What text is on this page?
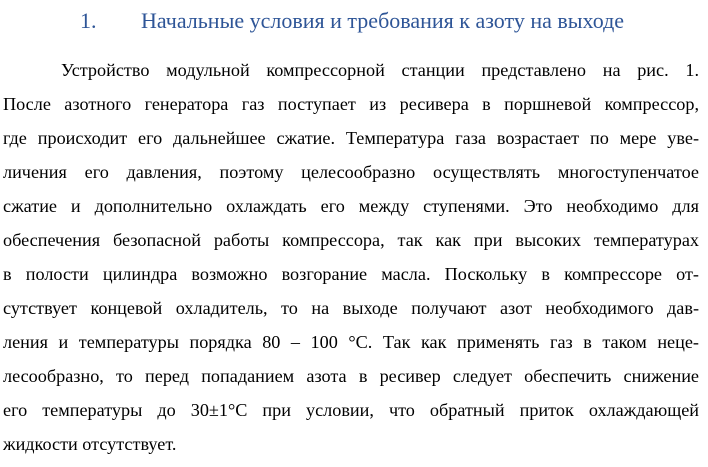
1. Начальные условия и требования к азоту на выходе
Устройство модульной компрессорной станции представлено на рис. 1.
После азотного генератора газ поступает из ресивера в поршневой компрессор,
где происходит его дальнейшее сжатие. Температура газа возрастает по мере уве-
личения его давления, поэтому целесообразно осуществлять многоступенчатое
сжатие и дополнительно охлаждать его между ступенями. Это необходимо для
обеспечения безопасной работы компрессора, так как при высоких температурах
в полости цилиндра возможно возгорание масла. Поскольку в компрессоре от-
сутствует концевой охладитель, то на выходе получают азот необходимого дав-
ления и температуры порядка 80 – 100 °С. Так как применять газ в таком неце-
лесообразно, то перед попаданием азота в ресивер следует обеспечить снижение
его температуры до 30±1°С при условии, что обратный приток охлаждающей
жидкости отсутствует.
